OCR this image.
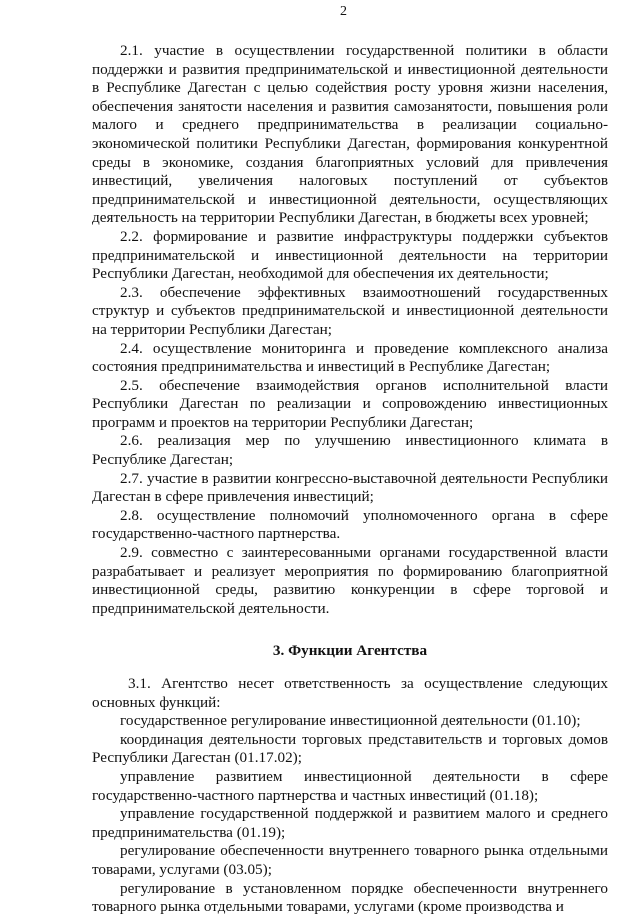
2

2.1. участие в осуществлении государственной политики в области поддержки и развития предпринимательской и инвестиционной деятельности в Республике Дагестан с целью содействия росту уровня жизни населения, обеспечения занятости населения и развития самозанятости, повышения роли малого и среднего предпринимательства в реализации социально-экономической политики Республики Дагестан, формирования конкурентной среды в экономике, создания благоприятных условий для привлечения инвестиций, увеличения налоговых поступлений от субъектов предпринимательской и инвестиционной деятельности, осуществляющих деятельность на территории Республики Дагестан, в бюджеты всех уровней;

2.2. формирование и развитие инфраструктуры поддержки субъектов предпринимательской и инвестиционной деятельности на территории Республики Дагестан, необходимой для обеспечения их деятельности;

2.3. обеспечение эффективных взаимоотношений государственных структур и субъектов предпринимательской и инвестиционной деятельности на территории Республики Дагестан;

2.4. осуществление мониторинга и проведение комплексного анализа состояния предпринимательства и инвестиций в Республике Дагестан;

2.5. обеспечение взаимодействия органов исполнительной власти Республики Дагестан по реализации и сопровождению инвестиционных программ и проектов на территории Республики Дагестан;

2.6. реализация мер по улучшению инвестиционного климата в Республике Дагестан;

2.7. участие в развитии конгрессно-выставочной деятельности Республики Дагестан в сфере привлечения инвестиций;

2.8. осуществление полномочий уполномоченного органа в сфере государственно-частного партнерства.

2.9. совместно с заинтересованными органами государственной власти разрабатывает и реализует мероприятия по формированию благоприятной инвестиционной среды, развитию конкуренции в сфере торговой и предпринимательской деятельности.

3. Функции Агентства

3.1. Агентство несет ответственность за осуществление следующих основных функций:

государственное регулирование инвестиционной деятельности (01.10);

координация деятельности торговых представительств и торговых домов Республики Дагестан (01.17.02);

управление развитием инвестиционной деятельности в сфере государственно-частного партнерства и частных инвестиций (01.18);

управление государственной поддержкой и развитием малого и среднего предпринимательства (01.19);

регулирование обеспеченности внутреннего товарного рынка отдельными товарами, услугами (03.05);

регулирование в установленном порядке обеспеченности внутреннего товарного рынка отдельными товарами, услугами (кроме производства и
